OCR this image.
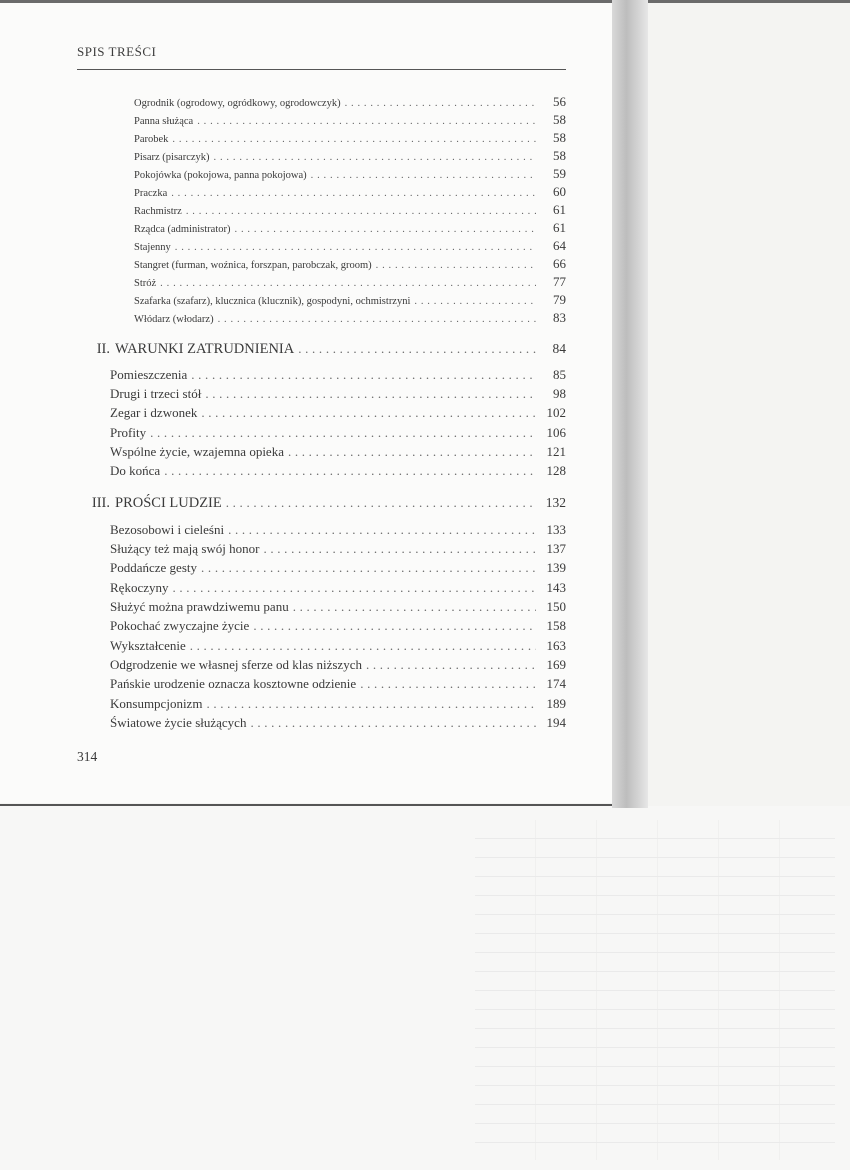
SPIS TREŚCI
Ogrodnik (ogrodowy, ogródkowy, ogrodowczyk) . . .	56
Panna służąca . . .	58
Parobek . . .	58
Pisarz (pisarczyk) . . .	58
Pokojówka (pokojowa, panna pokojowa) . . .	59
Praczka . . .	60
Rachmistrz . . .	61
Rządca (administrator) . . .	61
Stajenny . . .	64
Stangret (furman, woźnica, forszpan, parobczak, groom) . . .	66
Stróż . . .	77
Szafarka (szafarz), klucznica (klucznik), gospodyni, ochmistrzyni . . .	79
Włódarz (włodarz) . . .	83
II. WARUNKI ZATRUDNIENIA . . .	84
Pomieszczenia . . .	85
Drugi i trzeci stół . . .	98
Zegar i dzwonek . . .	102
Profity . . .	106
Wspólne życie, wzajemna opieka . . .	121
Do końca . . .	128
III. PROŚCI LUDZIE . . .	132
Bezosobowi i cieleśni . . .	133
Służący też mają swój honor . . .	137
Poddańcze gesty . . .	139
Rękoczyny . . .	143
Służyć można prawdziwemu panu . . .	150
Pokochać zwyczajne życie . . .	158
Wykształcenie . . .	163
Odgrodzenie we własnej sferze od klas niższych . . .	169
Pańskie urodzenie oznacza kosztowne odzienie . . .	174
Konsumpcjonizm . . .	189
Światowe życie służących . . .	194
314
